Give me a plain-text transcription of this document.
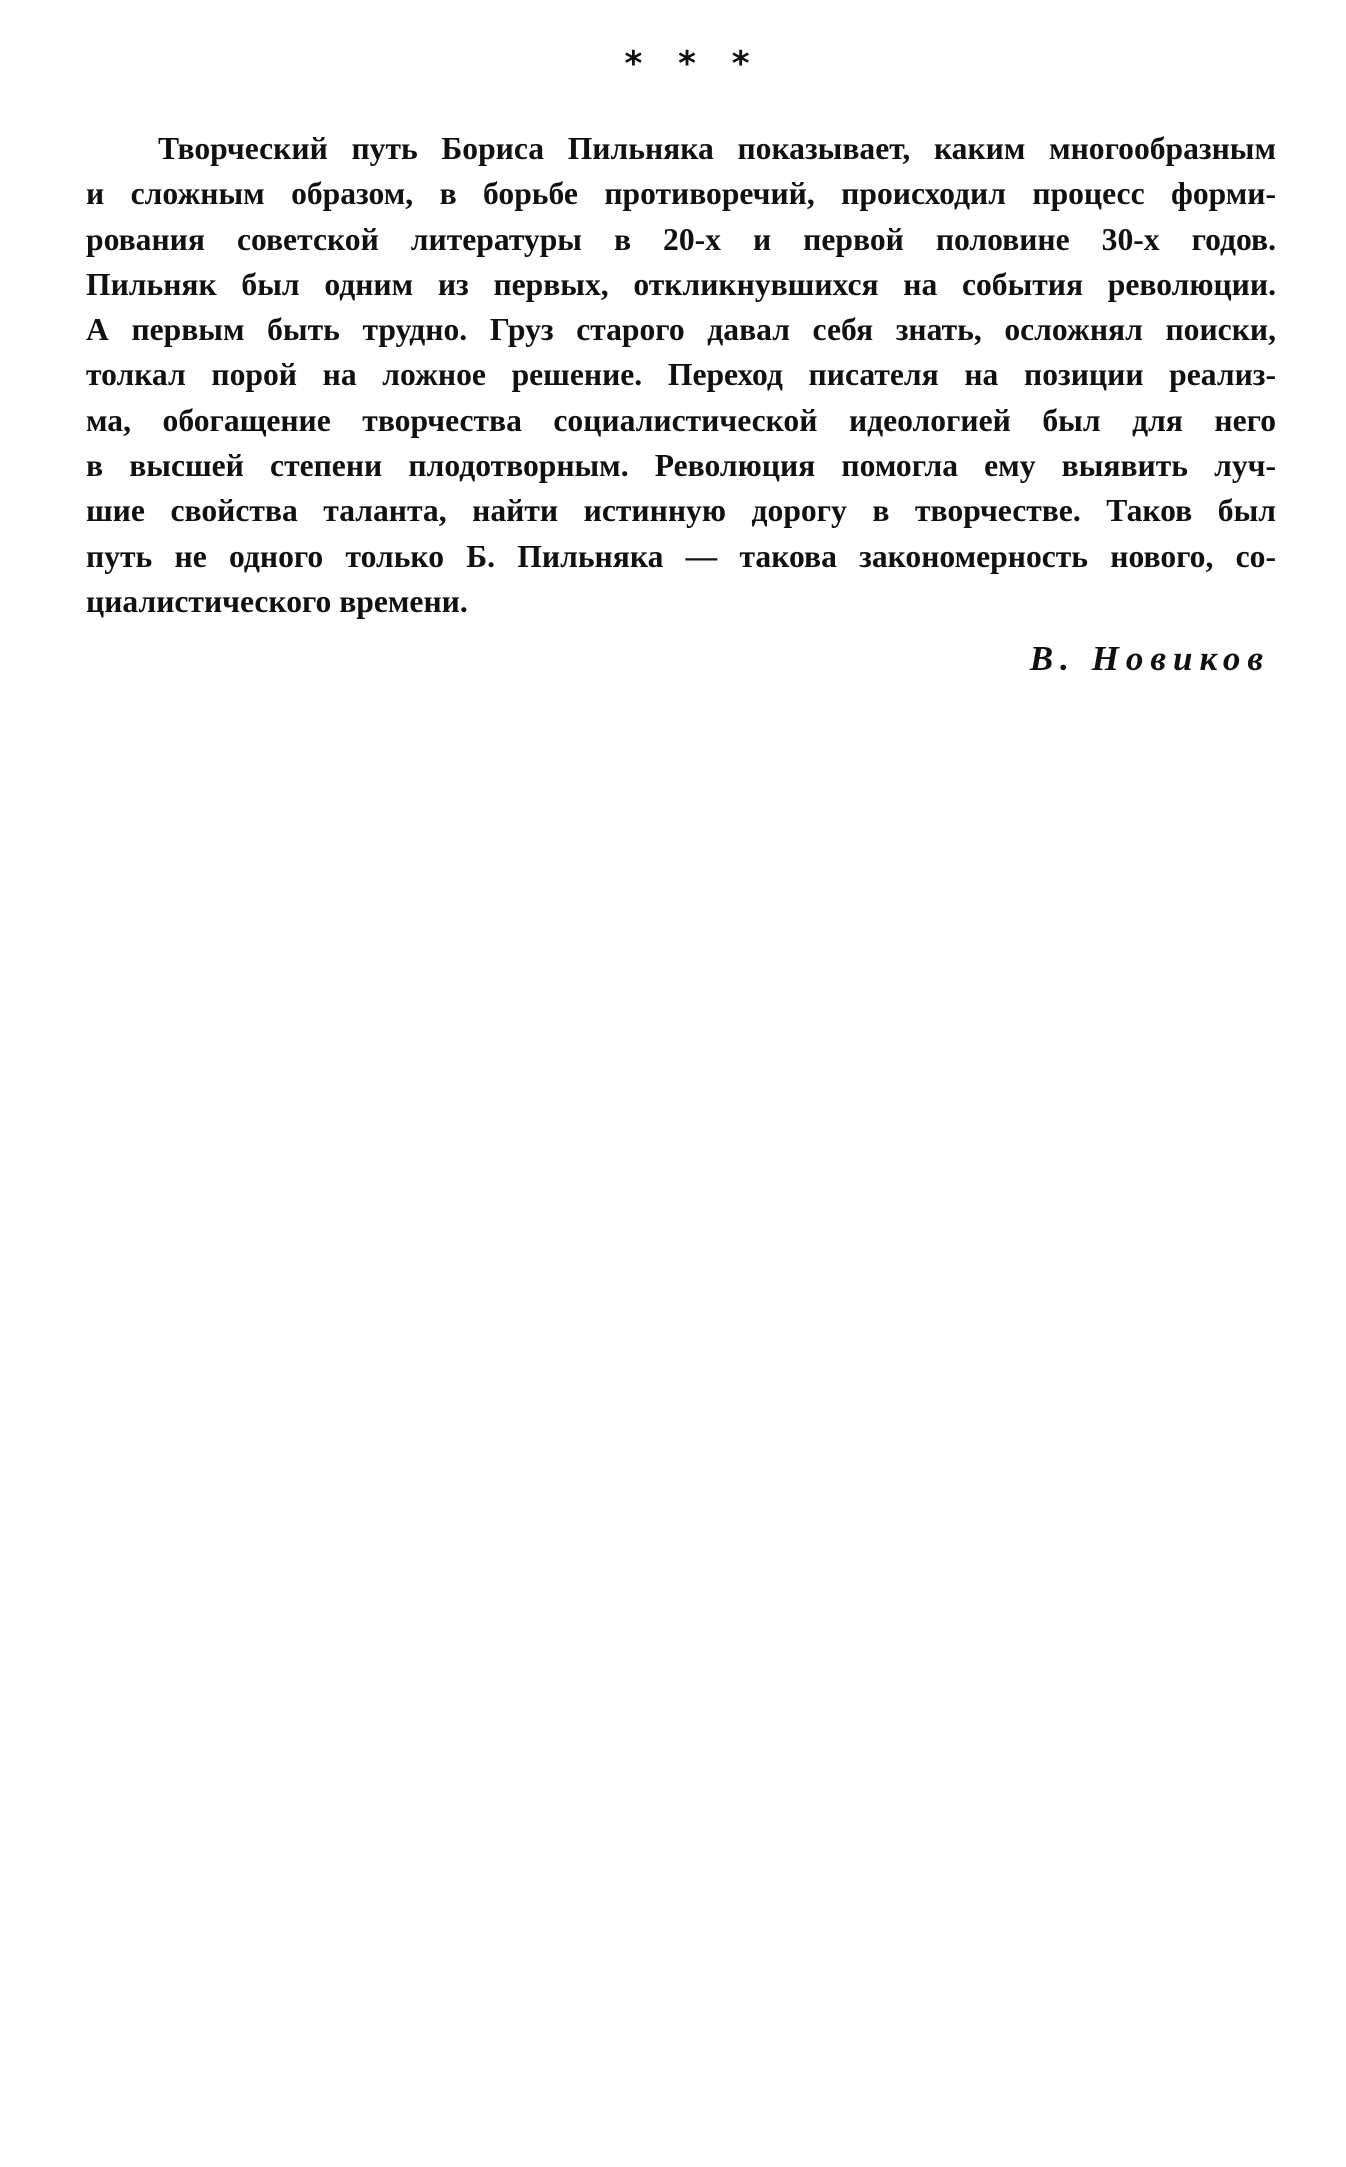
* * *
Творческий путь Бориса Пильняка показывает, каким многообразным
и сложным образом, в борьбе противоречий, происходил процесс форми-
рования советской литературы в 20-х и первой половине 30-х годов.
Пильняк был одним из первых, откликнувшихся на события революции.
А первым быть трудно. Груз старого давал себя знать, осложнял поиски,
толкал порой на ложное решение. Переход писателя на позиции реализ-
ма, обогащение творчества социалистической идеологией был для него
в высшей степени плодотворным. Революция помогла ему выявить луч-
шие свойства таланта, найти истинную дорогу в творчестве. Таков был
путь не одного только Б. Пильняка — такова закономерность нового, со-
циалистического времени.
В. Новиков
